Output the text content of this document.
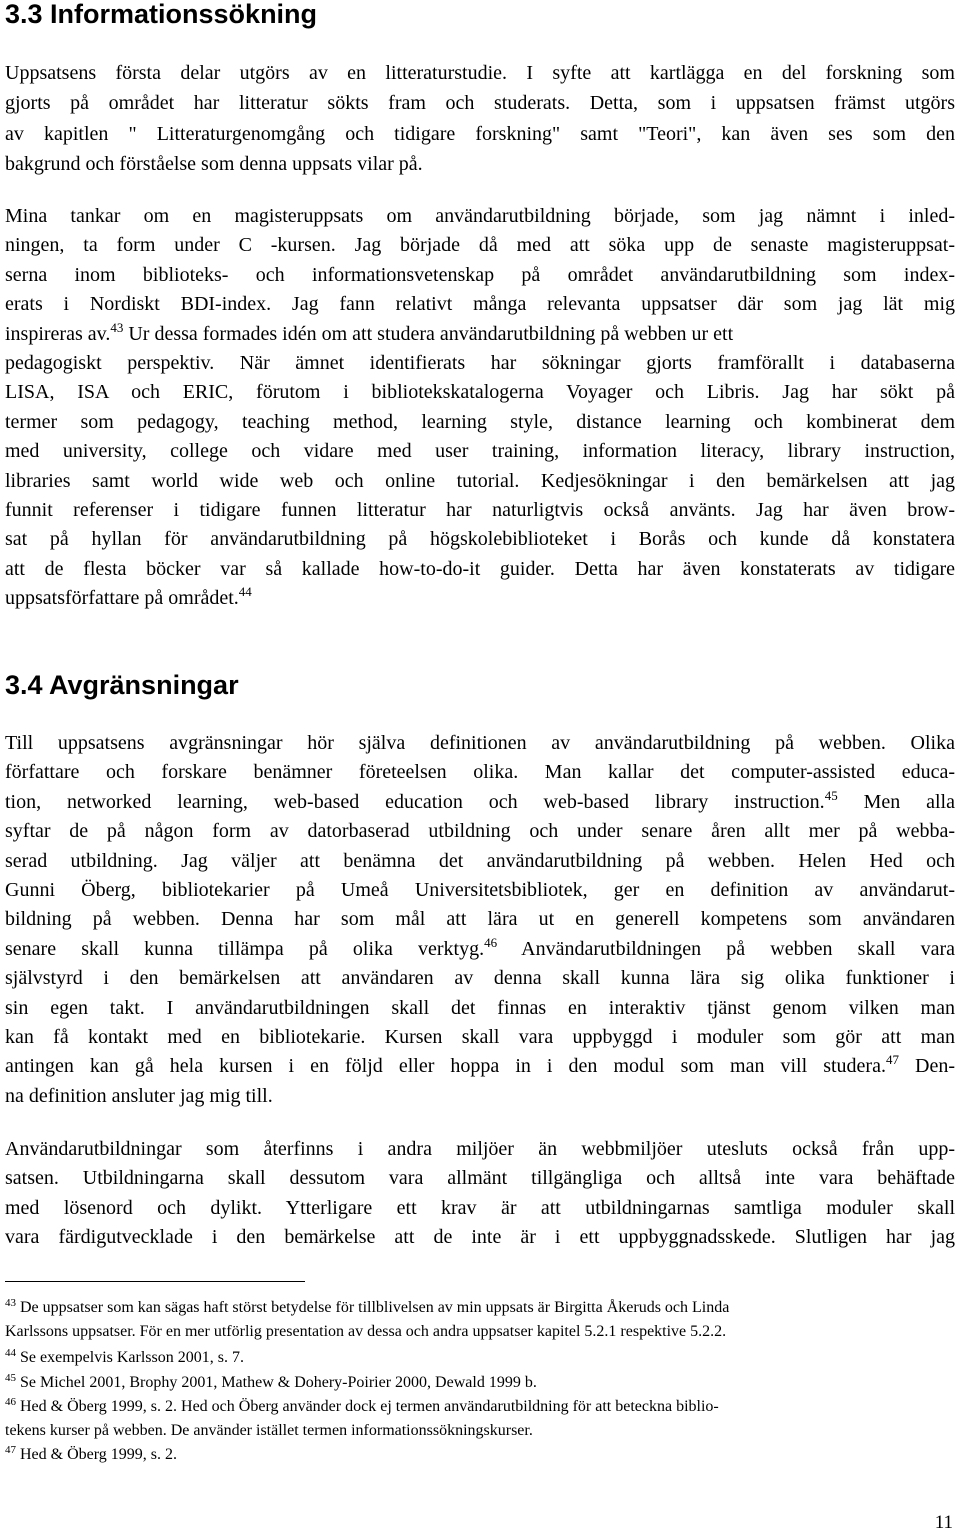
3.3 Informationssökning
Uppsatsens första delar utgörs av en litteraturstudie. I syfte att kartlägga en del forskning som
gjorts på området har litteratur sökts fram och studerats. Detta, som i uppsatsen främst utgörs
av kapitlen " Litteraturgenomgång och tidigare forskning" samt "Teori", kan även ses som den
bakgrund och förståelse som denna uppsats vilar på.
Mina tankar om en magisteruppsats om användarutbildning började, som jag nämnt i inled-
ningen, ta form under C -kursen. Jag började då med att söka upp de senaste magisteruppsat-
serna inom biblioteks- och informationsvetenskap på området användarutbildning som index-
erats i Nordiskt BDI-index. Jag fann relativt många relevanta uppsatser där som jag lät mig
inspireras av.$^{43}$ Ur dessa formades idén om att studera användarutbildning på webben ur ett
pedagogiskt perspektiv. När ämnet identifierats har sökningar gjorts framförallt i databaserna
LISA, ISA och ERIC, förutom i bibliotekskatalogerna Voyager och Libris. Jag har sökt på
termer som pedagogy, teaching method, learning style, distance learning och kombinerat dem
med university, college och vidare med user training, information literacy, library instruction,
libraries samt world wide web och online tutorial. Kedjesökningar i den bemärkelsen att jag
funnit referenser i tidigare funnen litteratur har naturligtvis också använts. Jag har även brow-
sat på hyllan för användarutbildning på högskolebiblioteket i Borås och kunde då konstatera
att de flesta böcker var så kallade how-to-do-it guider. Detta har även konstaterats av tidigare
uppsatsförfattare på området.$^{44}$
3.4 Avgränsningar
Till uppsatsens avgränsningar hör själva definitionen av användarutbildning på webben. Olika
författare och forskare benämner företeelsen olika. Man kallar det computer-assisted educa-
tion, networked learning, web-based education och web-based library instruction.$^{45}$ Men alla
syftar de på någon form av datorbaserad utbildning och under senare åren allt mer på webba-
serad utbildning. Jag väljer att benämna det användarutbildning på webben. Helen Hed och
Gunni Öberg, bibliotekarier på Umeå Universitetsbibliotek, ger en definition av användarut-
bildning på webben. Denna har som mål att lära ut en generell kompetens som användaren
senare skall kunna tillämpa på olika verktyg.$^{46}$ Användarutbildningen på webben skall vara
självstyrd i den bemärkelsen att användaren av denna skall kunna lära sig olika funktioner i
sin egen takt. I användarutbildningen skall det finnas en interaktiv tjänst genom vilken man
kan få kontakt med en bibliotekarie. Kursen skall vara uppbyggd i moduler som gör att man
antingen kan gå hela kursen i en följd eller hoppa in i den modul som man vill studera.$^{47}$ Den-
na definition ansluter jag mig till.
Användarutbildningar som återfinns i andra miljöer än webbmiljöer utesluts också från upp-
satsen. Utbildningarna skall dessutom vara allmänt tillgängliga och alltså inte vara behäftade
med lösenord och dylikt. Ytterligare ett krav är att utbildningarnas samtliga moduler skall
vara färdigutvecklade i den bemärkelse att de inte är i ett uppbyggnadsskede. Slutligen har jag
$^{43}$ De uppsatser som kan sägas haft störst betydelse för tillblivelsen av min uppsats är Birgitta Åkeruds och Linda
Karlssons uppsatser. För en mer utförlig presentation av dessa och andra uppsatser kapitel 5.2.1 respektive 5.2.2.
$^{44}$ Se exempelvis Karlsson 2001, s. 7.
$^{45}$ Se Michel 2001, Brophy 2001, Mathew & Dohery-Poirier 2000, Dewald 1999 b.
$^{46}$ Hed & Öberg 1999, s. 2. Hed och Öberg använder dock ej termen användarutbildning för att beteckna biblio-
tekens kurser på webben. De använder istället termen informationssökningskurser.
$^{47}$ Hed & Öberg 1999, s. 2.
11
